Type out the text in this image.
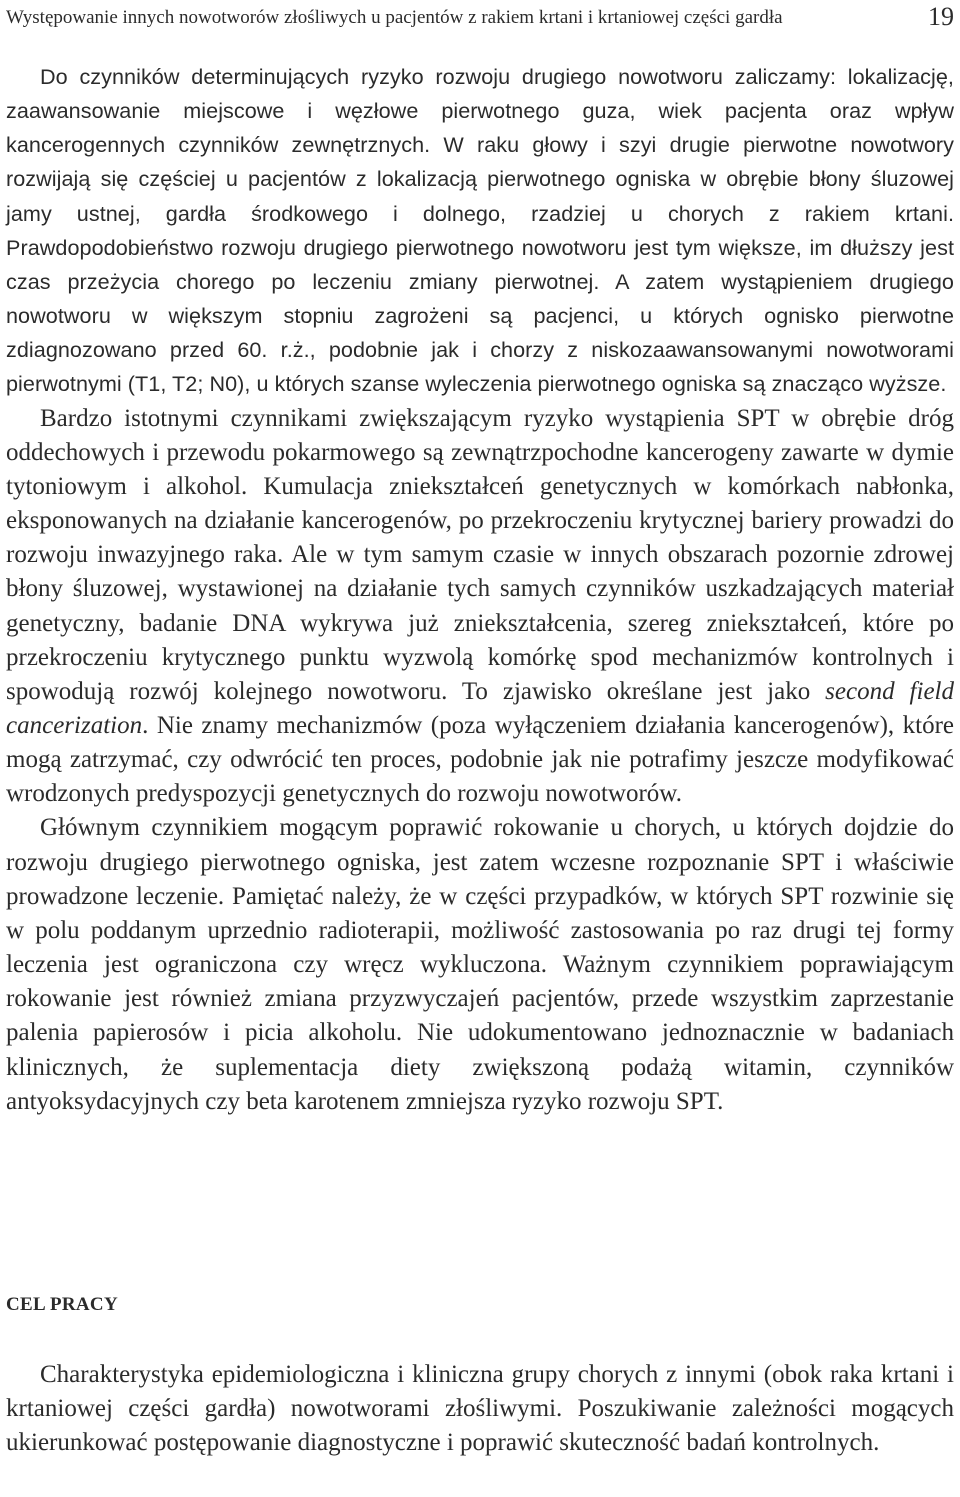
Występowanie innych nowotworów złośliwych u pacjentów z rakiem krtani i krtaniowej części gardła	19

Do czynników determinujących ryzyko rozwoju drugiego nowotworu zaliczamy: lokalizację, zaawansowanie miejscowe i węzłowe pierwotnego guza, wiek pacjenta oraz wpływ kancerogennych czynników zewnętrznych. W raku głowy i szyi drugie pierwotne nowotwory rozwijają się częściej u pacjentów z lokalizacją pierwotnego ogniska w obrębie błony śluzowej jamy ustnej, gardła środkowego i dolnego, rzadziej u chorych z rakiem krtani. Prawdopodobieństwo rozwoju drugiego pierwotnego nowotworu jest tym większe, im dłuższy jest czas przeżycia chorego po leczeniu zmiany pierwotnej. A zatem wystąpieniem drugiego nowotworu w większym stopniu zagrożeni są pacjenci, u których ognisko pierwotne zdiagnozowano przed 60. r.ż., podobnie jak i chorzy z niskozaawansowanymi nowotworami pierwotnymi (T1, T2; N0), u których szanse wyleczenia pierwotnego ogniska są znacząco wyższe.

Bardzo istotnymi czynnikami zwiększającym ryzyko wystąpienia SPT w obrębie dróg oddechowych i przewodu pokarmowego są zewnątrzpochodne kancerogeny zawarte w dymie tytoniowym i alkohol. Kumulacja zniekształceń genetycznych w komórkach nabłonka, eksponowanych na działanie kancerogenów, po przekroczeniu krytycznej bariery prowadzi do rozwoju inwazyjnego raka. Ale w tym samym czasie w innych obszarach pozornie zdrowej błony śluzowej, wystawionej na działanie tych samych czynników uszkadzających materiał genetyczny, badanie DNA wykrywa już zniekształcenia, szereg zniekształceń, które po przekroczeniu krytycznego punktu wyzwolą komórkę spod mechanizmów kontrolnych i spowodują rozwój kolejnego nowotworu. To zjawisko określane jest jako second field cancerization. Nie znamy mechanizmów (poza wyłączeniem działania kancerogenów), które mogą zatrzymać, czy odwrócić ten proces, podobnie jak nie potrafimy jeszcze modyfikować wrodzonych predyspozycji genetycznych do rozwoju nowotworów.

Głównym czynnikiem mogącym poprawić rokowanie u chorych, u których dojdzie do rozwoju drugiego pierwotnego ogniska, jest zatem wczesne rozpoznanie SPT i właściwie prowadzone leczenie. Pamiętać należy, że w części przypadków, w których SPT rozwinie się w polu poddanym uprzednio radioterapii, możliwość zastosowania po raz drugi tej formy leczenia jest ograniczona czy wręcz wykluczona. Ważnym czynnikiem poprawiającym rokowanie jest również zmiana przyzwyczajeń pacjentów, przede wszystkim zaprzestanie palenia papierosów i picia alkoholu. Nie udokumentowano jednoznacznie w badaniach klinicznych, że suplementacja diety zwiększoną podażą witamin, czynników antyoksydacyjnych czy beta karotenem zmniejsza ryzyko rozwoju SPT.

CEL PRACY

Charakterystyka epidemiologiczna i kliniczna grupy chorych z innymi (obok raka krtani i krtaniowej części gardła) nowotworami złośliwymi. Poszukiwanie zależności mogących ukierunkować postępowanie diagnostyczne i poprawić skuteczność badań kontrolnych.
